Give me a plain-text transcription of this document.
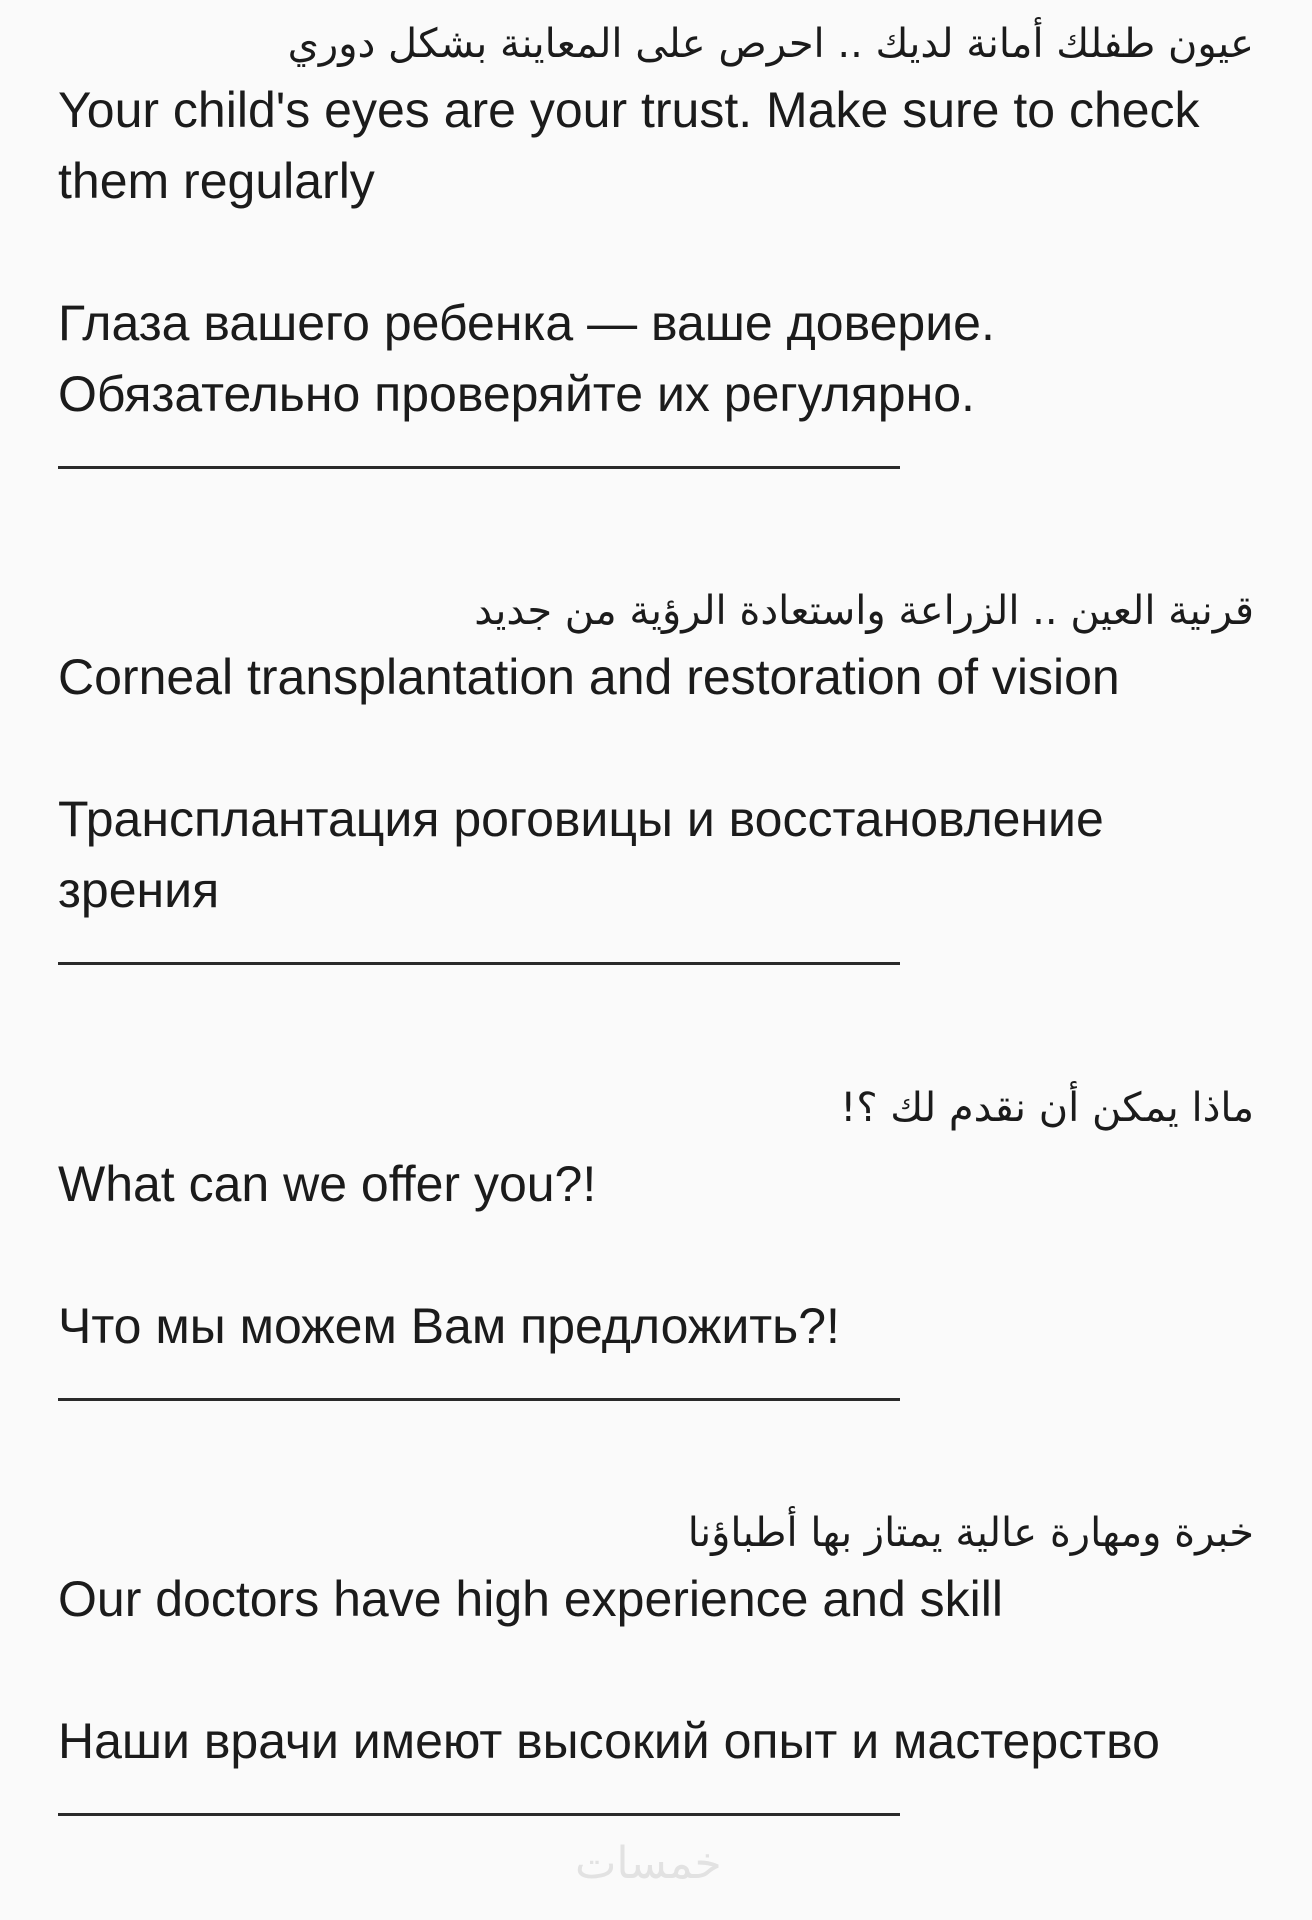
عيون طفلك أمانة لديك .. احرص على المعاينة بشكل دوري
Your child's eyes are your trust. Make sure to check them regularly
Глаза вашего ребенка — ваше доверие. Обязательно проверяйте их регулярно.
قرنية العين .. الزراعة واستعادة الرؤية من جديد
Corneal transplantation and restoration of vision
Трансплантация роговицы и восстановление зрения
ماذا يمكن أن نقدم لك ؟!
What can we offer you?!
Что мы можем Вам предложить?!
خبرة ومهارة عالية يمتاز بها أطباؤنا
Our doctors have high experience and skill
Наши врачи имеют высокий опыт и мастерство
خمسات
